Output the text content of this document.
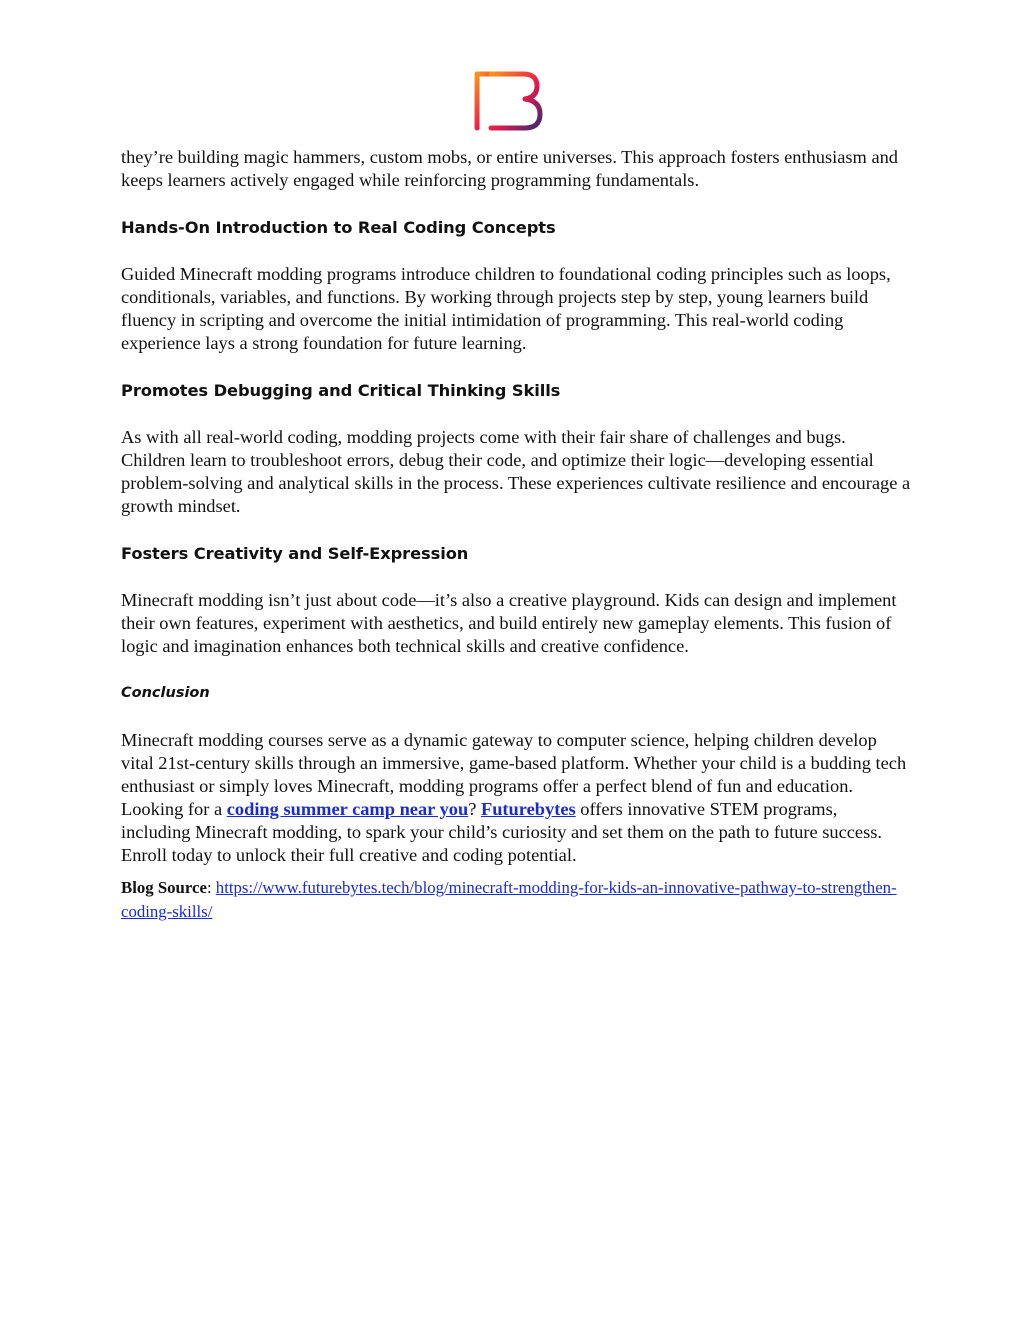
they’re building magic hammers, custom mobs, or entire universes. This approach fosters enthusiasm and keeps learners actively engaged while reinforcing programming fundamentals.

Hands-On Introduction to Real Coding Concepts

Guided Minecraft modding programs introduce children to foundational coding principles such as loops, conditionals, variables, and functions. By working through projects step by step, young learners build fluency in scripting and overcome the initial intimidation of programming. This real-world coding experience lays a strong foundation for future learning.

Promotes Debugging and Critical Thinking Skills

As with all real-world coding, modding projects come with their fair share of challenges and bugs. Children learn to troubleshoot errors, debug their code, and optimize their logic—developing essential problem-solving and analytical skills in the process. These experiences cultivate resilience and encourage a growth mindset.

Fosters Creativity and Self-Expression

Minecraft modding isn’t just about code—it’s also a creative playground. Kids can design and implement their own features, experiment with aesthetics, and build entirely new gameplay elements. This fusion of logic and imagination enhances both technical skills and creative confidence.

Conclusion

Minecraft modding courses serve as a dynamic gateway to computer science, helping children develop vital 21st-century skills through an immersive, game-based platform. Whether your child is a budding tech enthusiast or simply loves Minecraft, modding programs offer a perfect blend of fun and education. Looking for a coding summer camp near you? Futurebytes offers innovative STEM programs, including Minecraft modding, to spark your child’s curiosity and set them on the path to future success. Enroll today to unlock their full creative and coding potential.

Blog Source: https://www.futurebytes.tech/blog/minecraft-modding-for-kids-an-innovative-pathway-to-strengthen-coding-skills/
